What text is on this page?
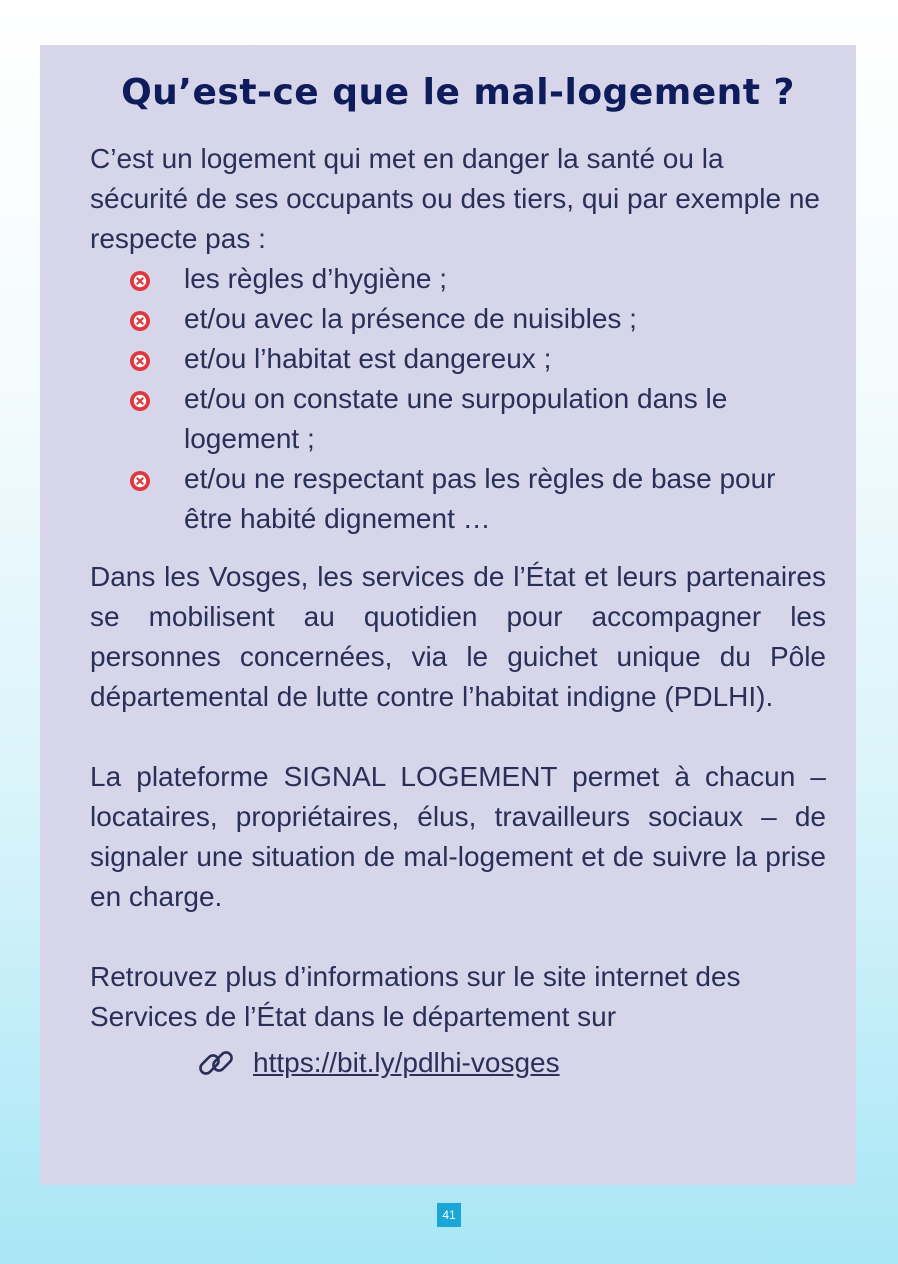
Qu’est-ce que le mal-logement ?

C’est un logement qui met en danger la santé ou la sécurité de ses occupants ou des tiers, qui par exemple ne respecte pas :

les règles d’hygiène ;
et/ou avec la présence de nuisibles ;
et/ou l’habitat est dangereux ;
et/ou on constate une surpopulation dans le logement ;
et/ou ne respectant pas les règles de base pour être habité dignement …

Dans les Vosges, les services de l’État et leurs partenaires se mobilisent au quotidien pour accompagner les personnes concernées, via le guichet unique du Pôle départemental de lutte contre l’habitat indigne (PDLHI).

La plateforme SIGNAL LOGEMENT permet à chacun – locataires, propriétaires, élus, travailleurs sociaux – de signaler une situation de mal-logement et de suivre la prise en charge.

Retrouvez plus d’informations sur le site internet des Services de l’État dans le département sur

https://bit.ly/pdlhi-vosges
41
